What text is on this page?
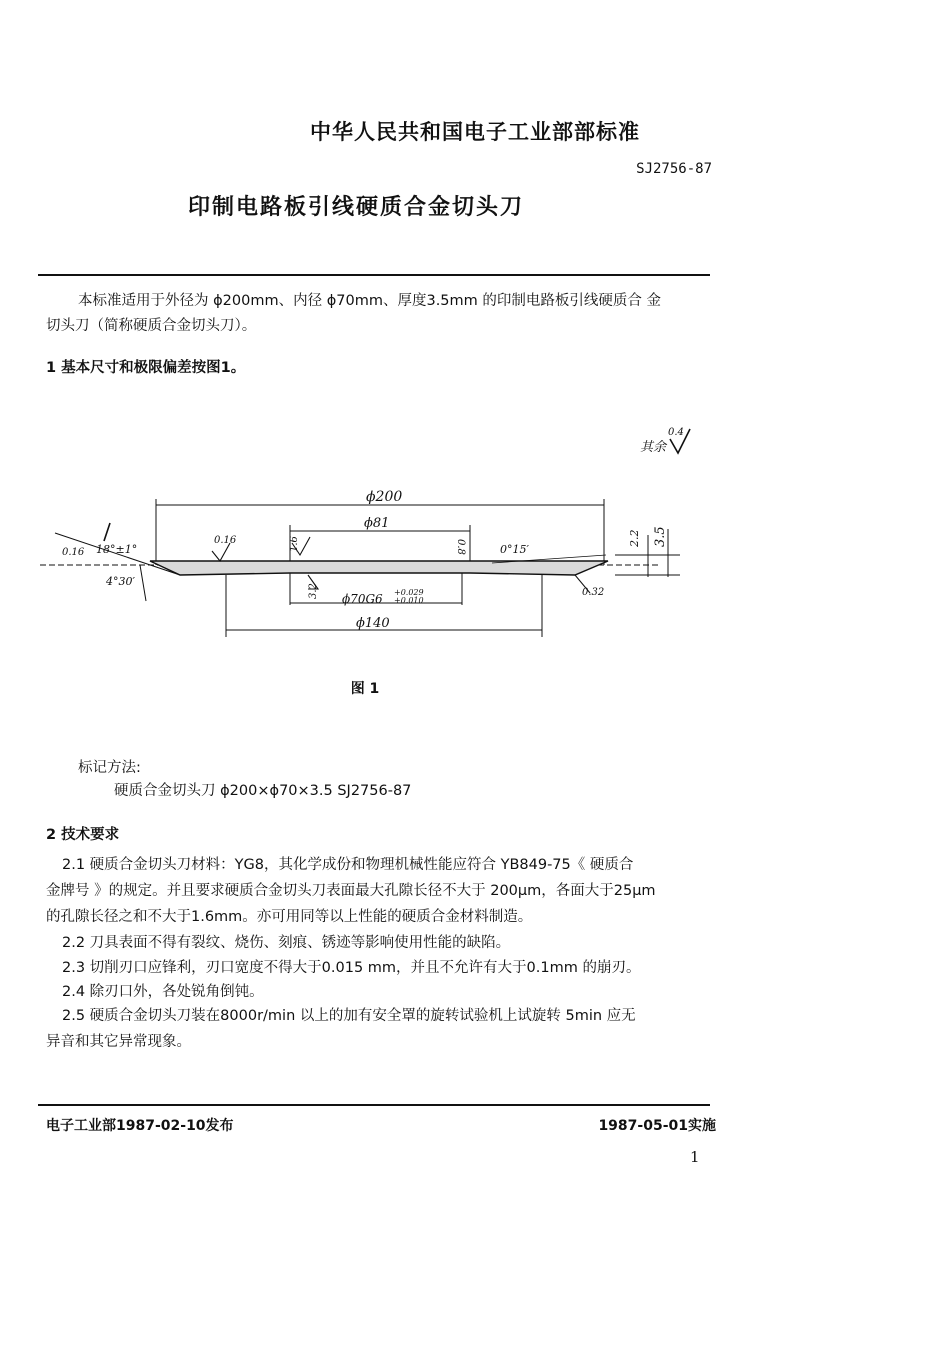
中华人民共和国电子工业部部标准
SJ2756-87
印制电路板引线硬质合金切头刀
本标准适用于外径为 ϕ200mm、内径 ϕ70mm、厚度3.5mm 的印制电路板引线硬质合 金
切头刀（简称硬质合金切头刀）。
1 基本尺寸和极限偏差按图1。
其余
0.4
ϕ200
ϕ81
0.16 18°±1°
4°30′
0.16	1.6	0.8
3.2
0°15′
0.32
2.2 3.5
ϕ70G6 +0.029
+0.010
ϕ140
图 1
标记方法:
硬质合金切头刀 ϕ200×ϕ70×3.5 SJ2756-87
2 技术要求
2.1 硬质合金切头刀材料：YG8，其化学成份和物理机械性能应符合 YB849-75《 硬质合
金牌号 》的规定。并且要求硬质合金切头刀表面最大孔隙长径不大于 200μm，各面大于25μm
的孔隙长径之和不大于1.6mm。亦可用同等以上性能的硬质合金材料制造。
2.2 刀具表面不得有裂纹、烧伤、刻痕、锈迹等影响使用性能的缺陷。
2.3 切削刃口应锋利，刃口宽度不得大于0.015 mm，并且不允许有大于0.1mm 的崩刃。
2.4 除刃口外，各处锐角倒钝。
2.5 硬质合金切头刀装在8000r/min 以上的加有安全罩的旋转试验机上试旋转 5min 应无
异音和其它异常现象。
电子工业部1987-02-10发布	1987-05-01实施
1
